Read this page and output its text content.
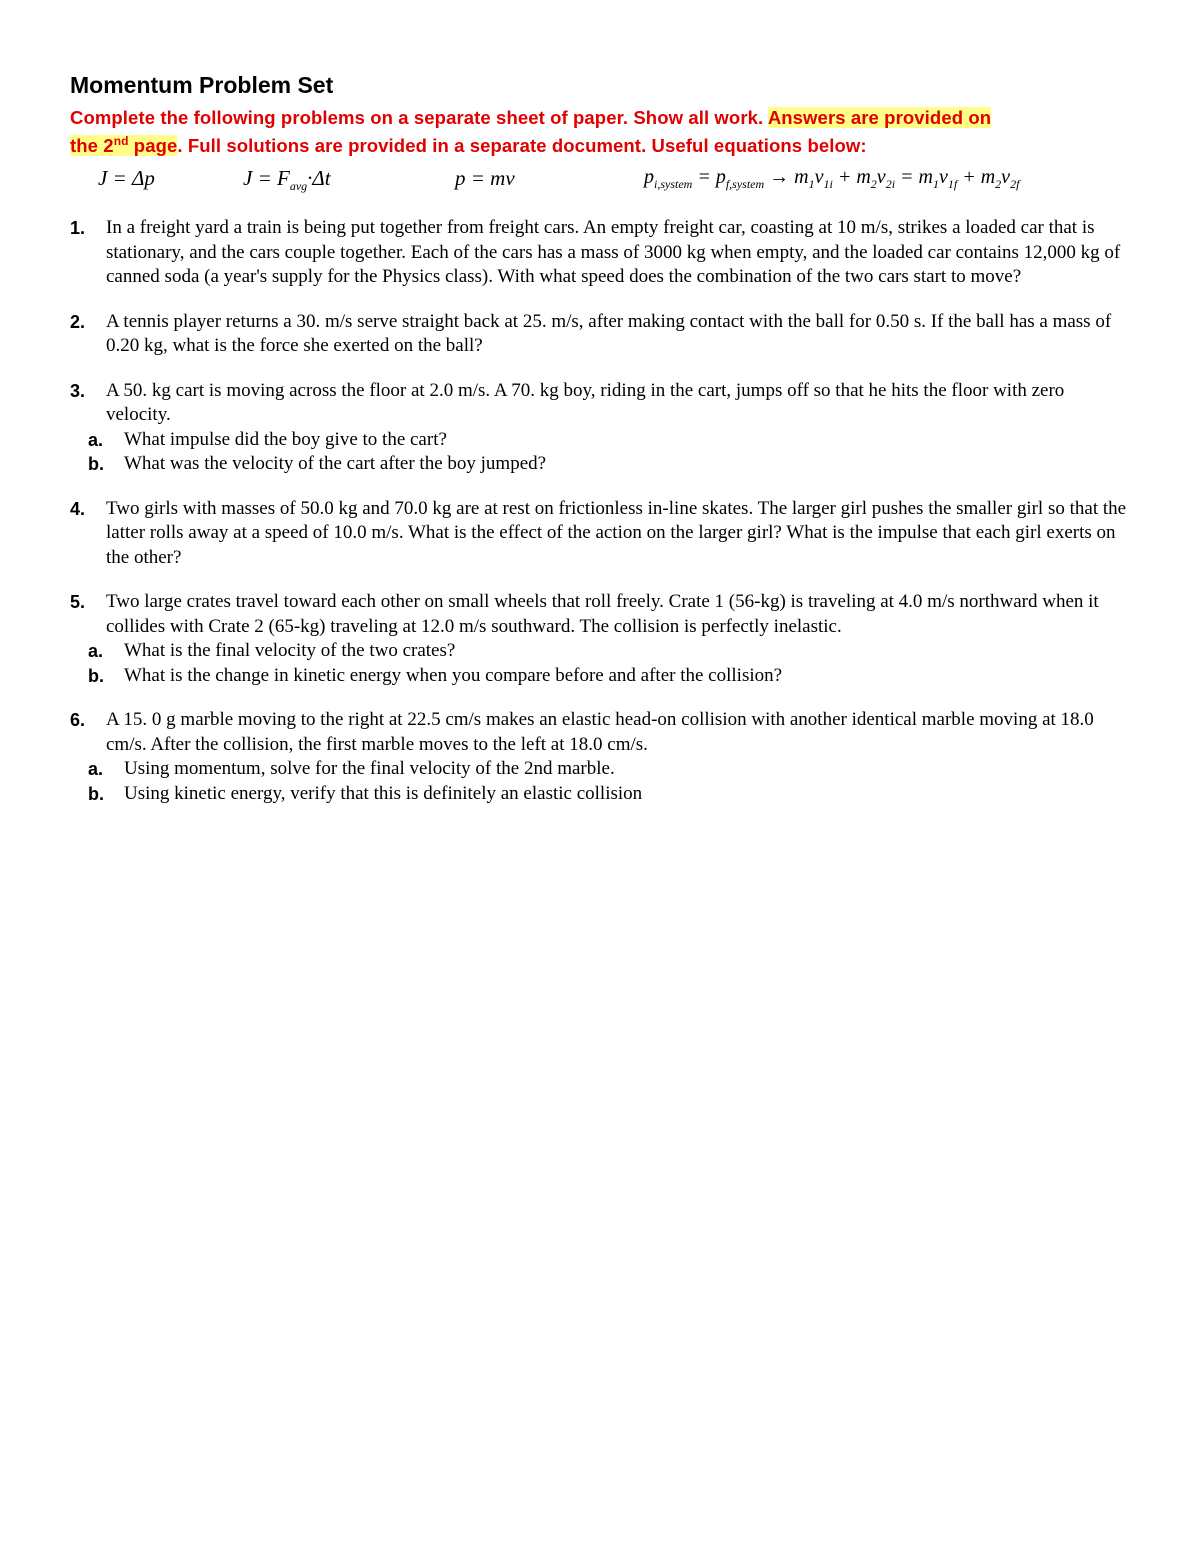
Momentum Problem Set

Complete the following problems on a separate sheet of paper. Show all work. Answers are provided on
the 2nd page. Full solutions are provided in a separate document. Useful equations below:

J = Δp	$J = F_{avg}\cdot\Delta t$	p = mv	$p_{i,system} = p_{f,system} \to m_1v_{1i} + m_2v_{2i} = m_1v_{1f} + m_2v_{2f}$
1. In a freight yard a train is being put together from freight cars. An empty freight car, coasting at 10 m/s, strikes a loaded car that is stationary, and the cars couple together. Each of the cars has a mass of 3000 kg when empty, and the loaded car contains 12,000 kg of canned soda (a year's supply for the Physics class). With what speed does the combination of the two cars start to move?
2. A tennis player returns a 30. m/s serve straight back at 25. m/s, after making contact with the ball for 0.50 s. If the ball has a mass of 0.20 kg, what is the force she exerted on the ball?
3. A 50. kg cart is moving across the floor at 2.0 m/s. A 70. kg boy, riding in the cart, jumps off so that he hits the floor with zero velocity.
a. What impulse did the boy give to the cart?
b. What was the velocity of the cart after the boy jumped?
4. Two girls with masses of 50.0 kg and 70.0 kg are at rest on frictionless in-line skates. The larger girl pushes the smaller girl so that the latter rolls away at a speed of 10.0 m/s. What is the effect of the action on the larger girl? What is the impulse that each girl exerts on the other?
5. Two large crates travel toward each other on small wheels that roll freely. Crate 1 (56-kg) is traveling at 4.0 m/s northward when it collides with Crate 2 (65-kg) traveling at 12.0 m/s southward. The collision is perfectly inelastic.
a. What is the final velocity of the two crates?
b. What is the change in kinetic energy when you compare before and after the collision?
6. A 15. 0 g marble moving to the right at 22.5 cm/s makes an elastic head-on collision with another identical marble moving at 18.0 cm/s. After the collision, the first marble moves to the left at 18.0 cm/s.
a. Using momentum, solve for the final velocity of the 2nd marble.
b. Using kinetic energy, verify that this is definitely an elastic collision
